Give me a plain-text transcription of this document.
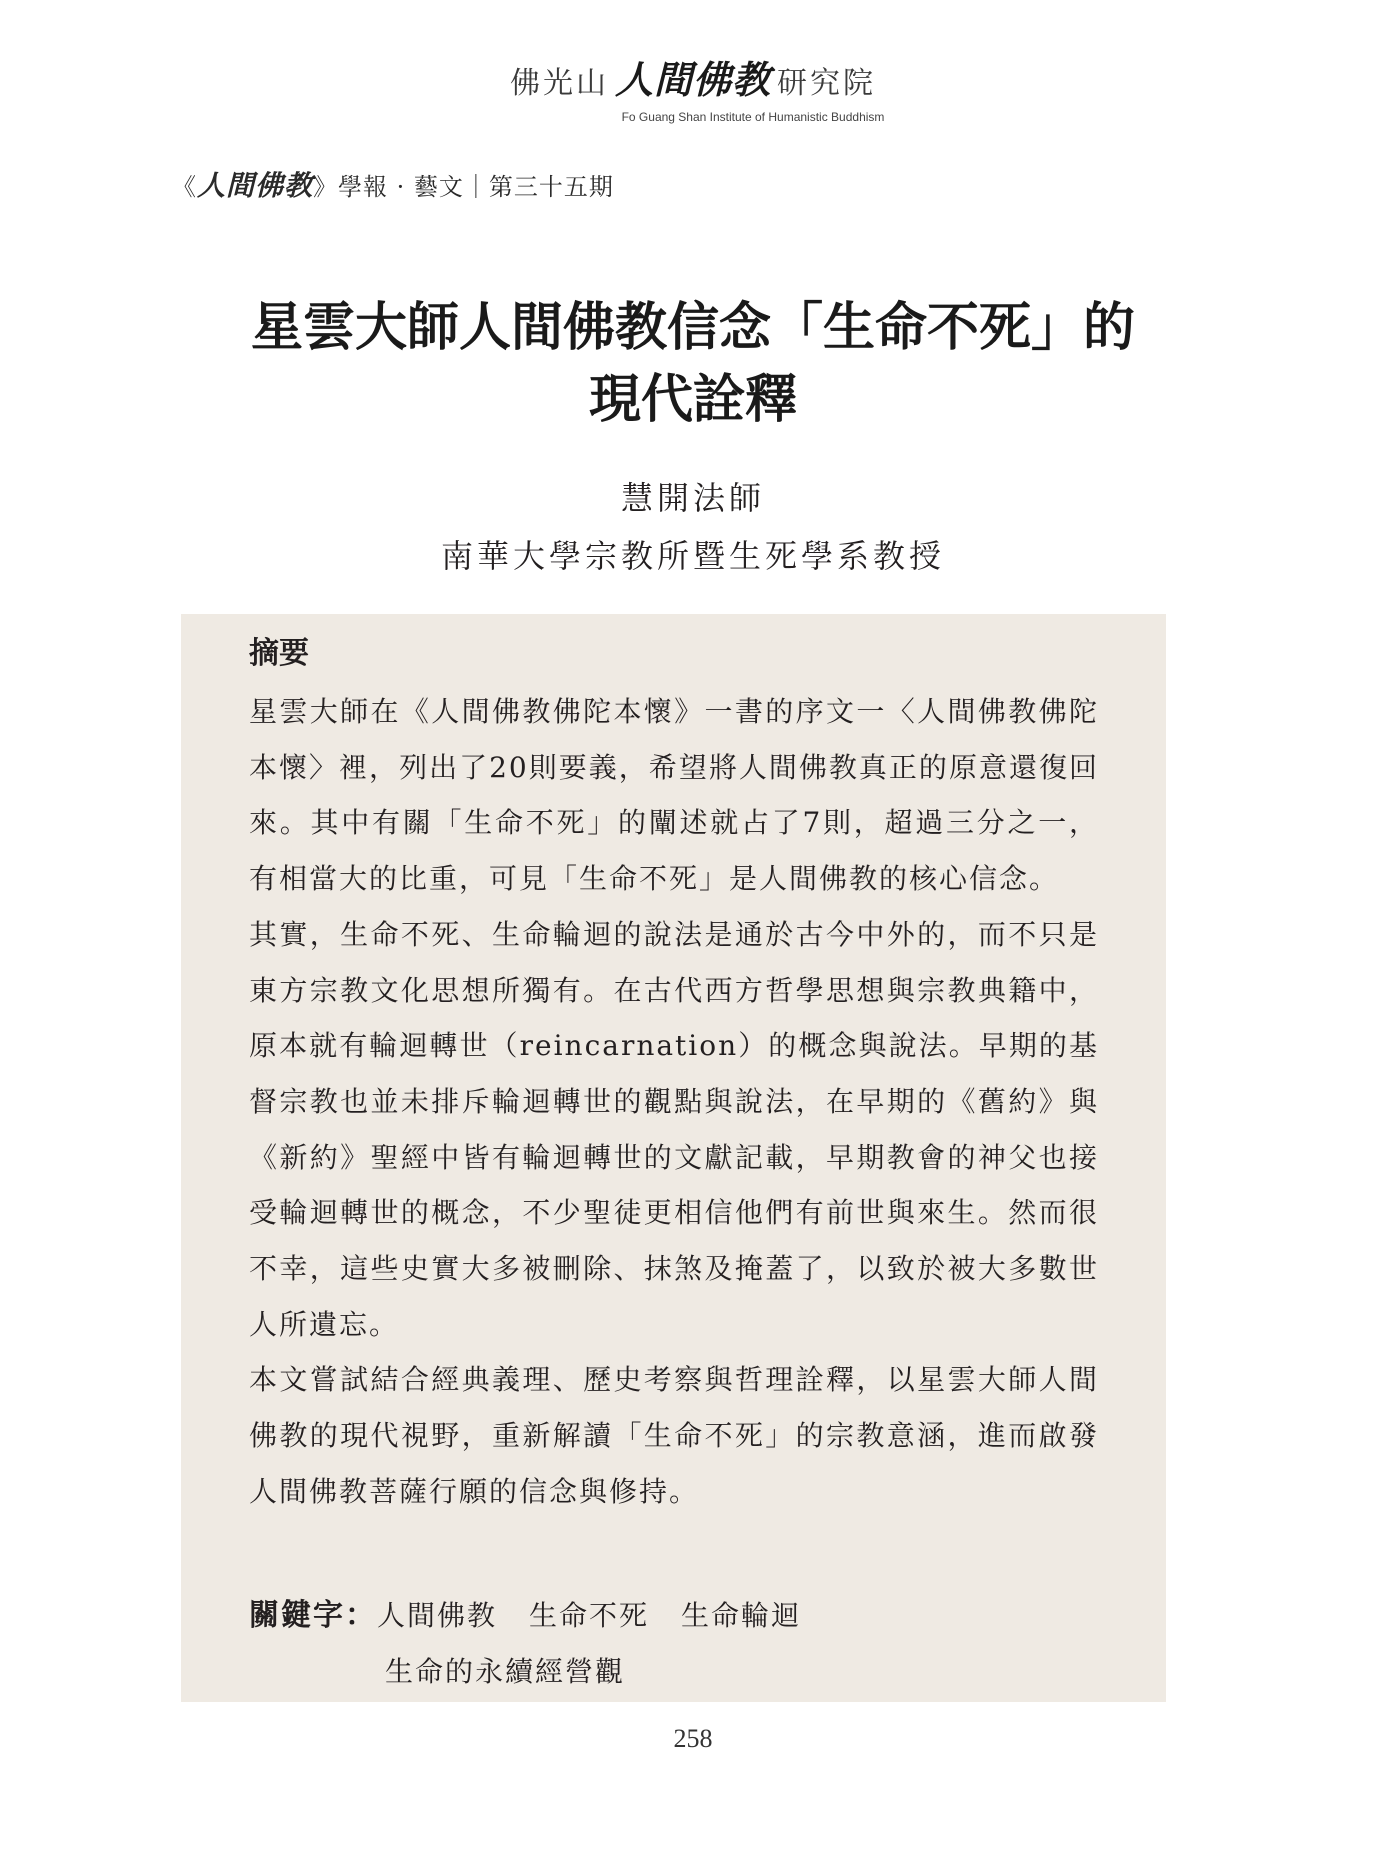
佛光山 人間佛教 研究院
Fo Guang Shan Institute of Humanistic Buddhism
《人間佛教》學報 · 藝文｜第三十五期
星雲大師人間佛教信念「生命不死」的
現代詮釋
慧開法師
南華大學宗教所暨生死學系教授
摘要

星雲大師在《人間佛教佛陀本懷》一書的序文一〈人間佛教佛陀本懷〉裡，列出了20則要義，希望將人間佛教真正的原意還復回來。其中有關「生命不死」的闡述就占了7則，超過三分之一，有相當大的比重，可見「生命不死」是人間佛教的核心信念。

其實，生命不死、生命輪迴的說法是通於古今中外的，而不只是東方宗教文化思想所獨有。在古代西方哲學思想與宗教典籍中，原本就有輪迴轉世（reincarnation）的概念與說法。早期的基督宗教也並未排斥輪迴轉世的觀點與說法，在早期的《舊約》與《新約》聖經中皆有輪迴轉世的文獻記載，早期教會的神父也接受輪迴轉世的概念，不少聖徒更相信他們有前世與來生。然而很不幸，這些史實大多被刪除、抹煞及掩蓋了，以致於被大多數世人所遺忘。

本文嘗試結合經典義理、歷史考察與哲理詮釋，以星雲大師人間佛教的現代視野，重新解讀「生命不死」的宗教意涵，進而啟發人間佛教菩薩行願的信念與修持。

關鍵字：人間佛教 生命不死 生命輪迴
生命的永續經營觀
258
